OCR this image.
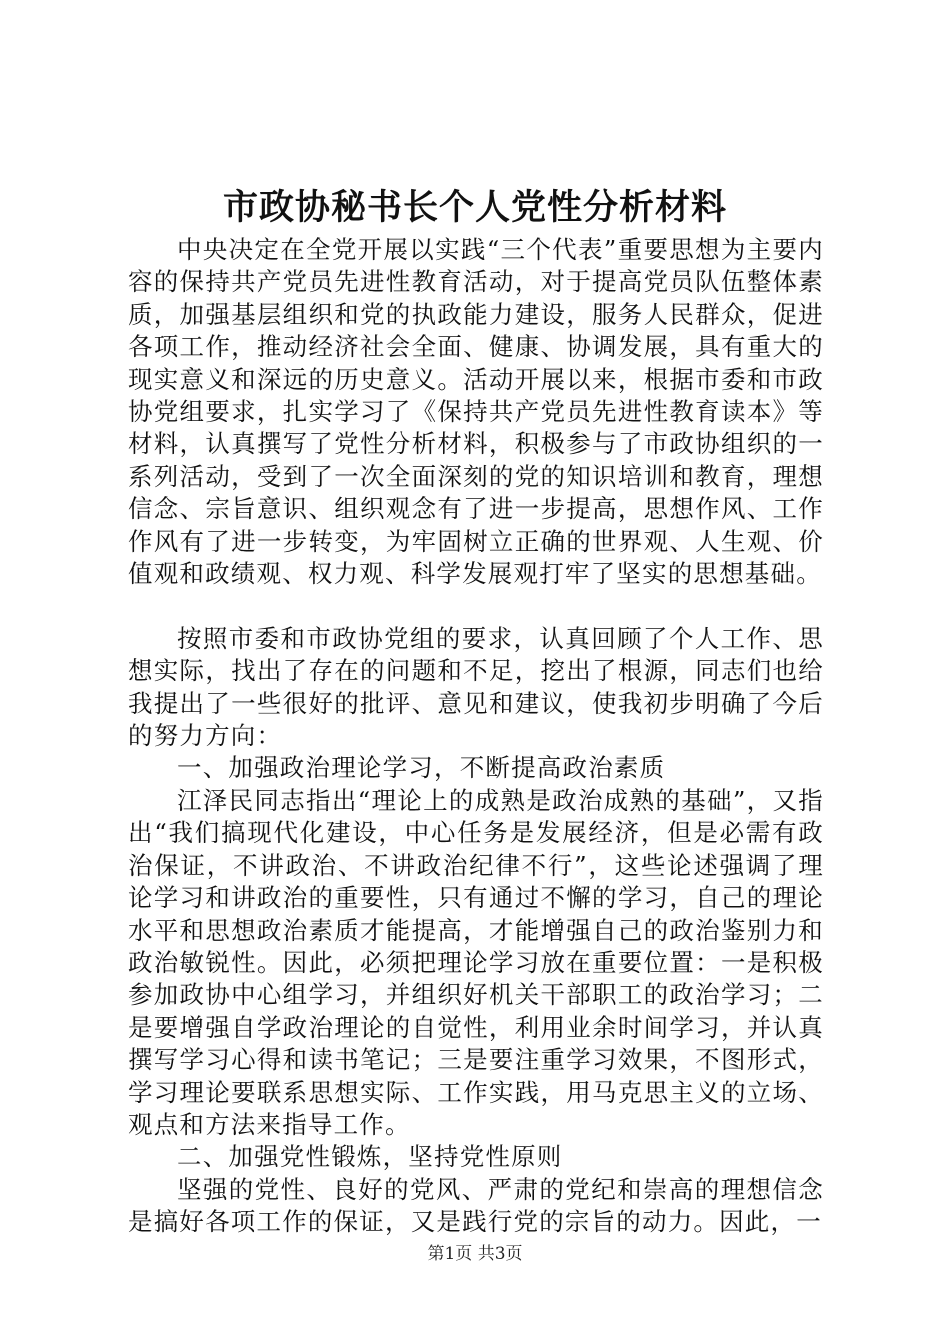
市政协秘书长个人党性分析材料

中央决定在全党开展以实践“三个代表”重要思想为主要内容的保持共产党员先进性教育活动，对于提高党员队伍整体素质，加强基层组织和党的执政能力建设，服务人民群众，促进各项工作，推动经济社会全面、健康、协调发展，具有重大的现实意义和深远的历史意义。活动开展以来，根据市委和市政协党组要求，扎实学习了《保持共产党员先进性教育读本》等材料，认真撰写了党性分析材料，积极参与了市政协组织的一系列活动，受到了一次全面深刻的党的知识培训和教育，理想信念、宗旨意识、组织观念有了进一步提高，思想作风、工作作风有了进一步转变，为牢固树立正确的世界观、人生观、价值观和政绩观、权力观、科学发展观打牢了坚实的思想基础。

按照市委和市政协党组的要求，认真回顾了个人工作、思想实际，找出了存在的问题和不足，挖出了根源，同志们也给我提出了一些很好的批评、意见和建议，使我初步明确了今后的努力方向：

一、加强政治理论学习，不断提高政治素质

江泽民同志指出“理论上的成熟是政治成熟的基础”，又指出“我们搞现代化建设，中心任务是发展经济，但是必需有政治保证，不讲政治、不讲政治纪律不行”，这些论述强调了理论学习和讲政治的重要性，只有通过不懈的学习，自己的理论水平和思想政治素质才能提高，才能增强自己的政治鉴别力和政治敏锐性。因此，必须把理论学习放在重要位置：一是积极参加政协中心组学习，并组织好机关干部职工的政治学习；二是要增强自学政治理论的自觉性，利用业余时间学习，并认真撰写学习心得和读书笔记；三是要注重学习效果，不图形式，学习理论要联系思想实际、工作实践，用马克思主义的立场、观点和方法来指导工作。

二、加强党性锻炼，坚持党性原则

坚强的党性、良好的党风、严肃的党纪和崇高的理想信念是搞好各项工作的保证，又是践行党的宗旨的动力。因此，一

第1页 共3页
